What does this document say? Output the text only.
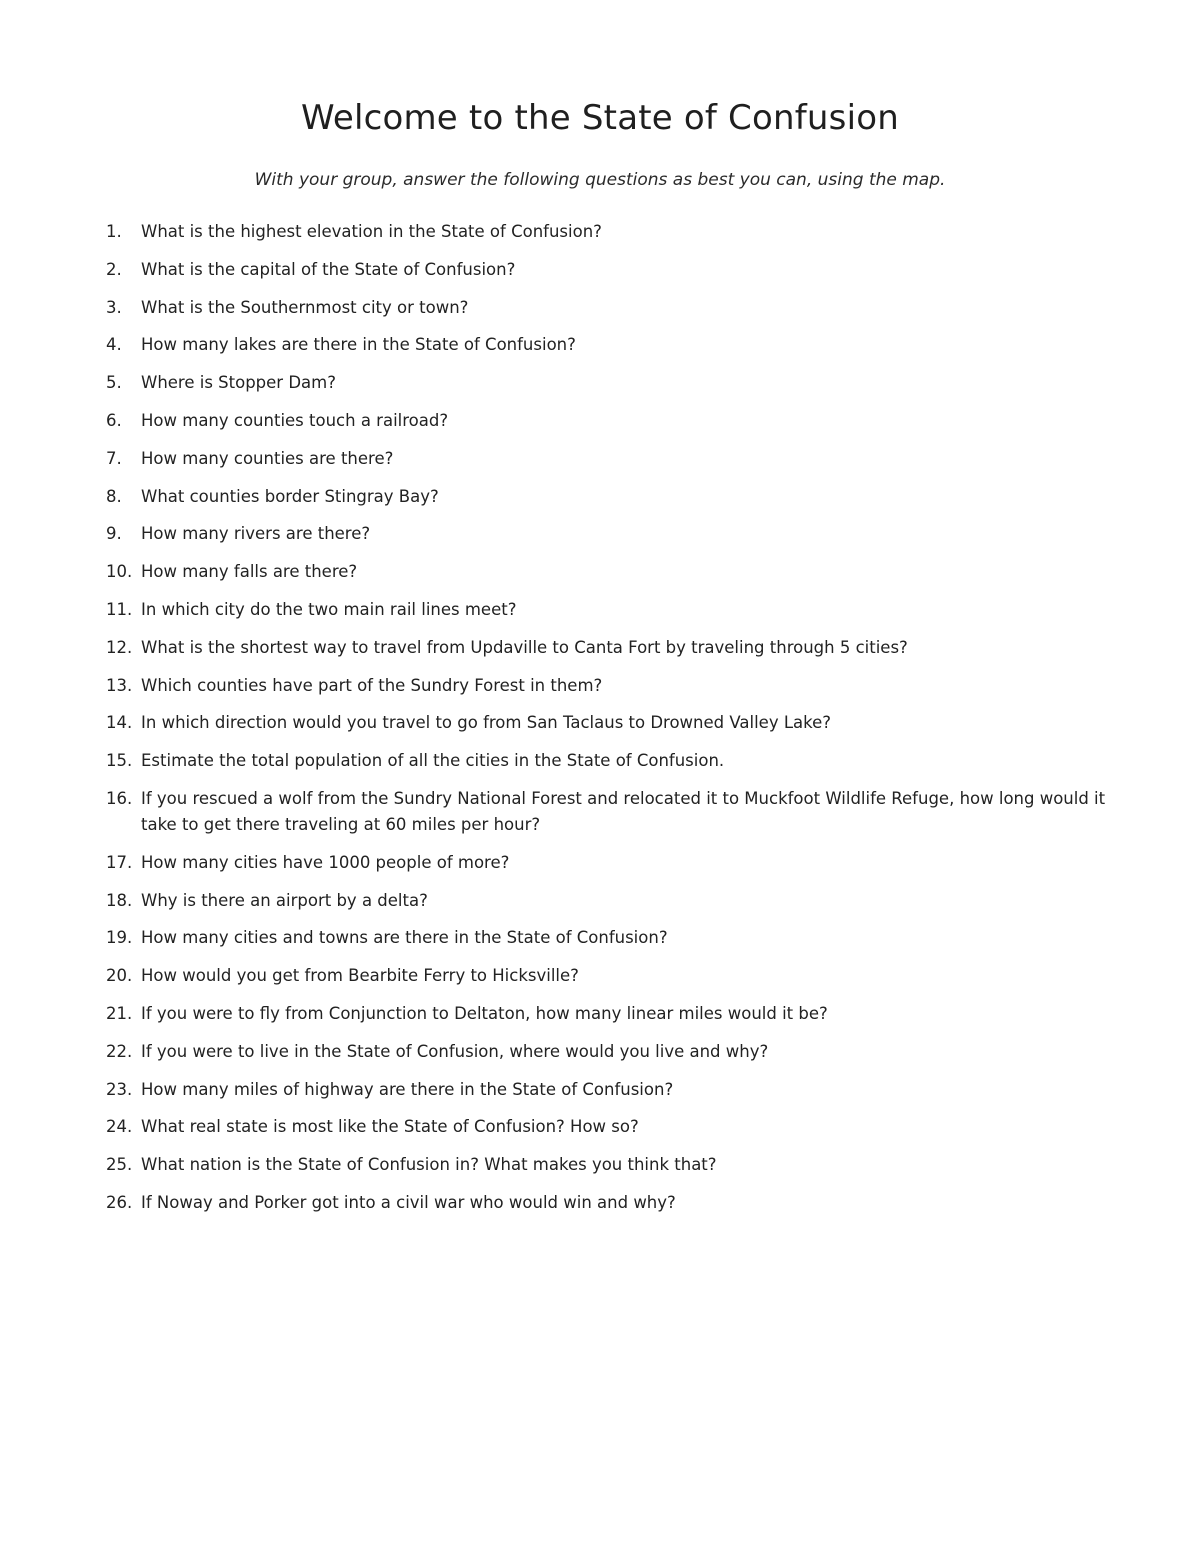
Welcome to the State of Confusion

With your group, answer the following questions as best you can, using the map.

1. What is the highest elevation in the State of Confusion?
2. What is the capital of the State of Confusion?
3. What is the Southernmost city or town?
4. How many lakes are there in the State of Confusion?
5. Where is Stopper Dam?
6. How many counties touch a railroad?
7. How many counties are there?
8. What counties border Stingray Bay?
9. How many rivers are there?
10. How many falls are there?
11. In which city do the two main rail lines meet?
12. What is the shortest way to travel from Updaville to Canta Fort by traveling through 5 cities?
13. Which counties have part of the Sundry Forest in them?
14. In which direction would you travel to go from San Taclaus to Drowned Valley Lake?
15. Estimate the total population of all the cities in the State of Confusion.
16. If you rescued a wolf from the Sundry National Forest and relocated it to Muckfoot Wildlife Refuge, how long would it take to get there traveling at 60 miles per hour?
17. How many cities have 1000 people of more?
18. Why is there an airport by a delta?
19. How many cities and towns are there in the State of Confusion?
20. How would you get from Bearbite Ferry to Hicksville?
21. If you were to fly from Conjunction to Deltaton, how many linear miles would it be?
22. If you were to live in the State of Confusion, where would you live and why?
23. How many miles of highway are there in the State of Confusion?
24. What real state is most like the State of Confusion? How so?
25. What nation is the State of Confusion in? What makes you think that?
26. If Noway and Porker got into a civil war who would win and why?
